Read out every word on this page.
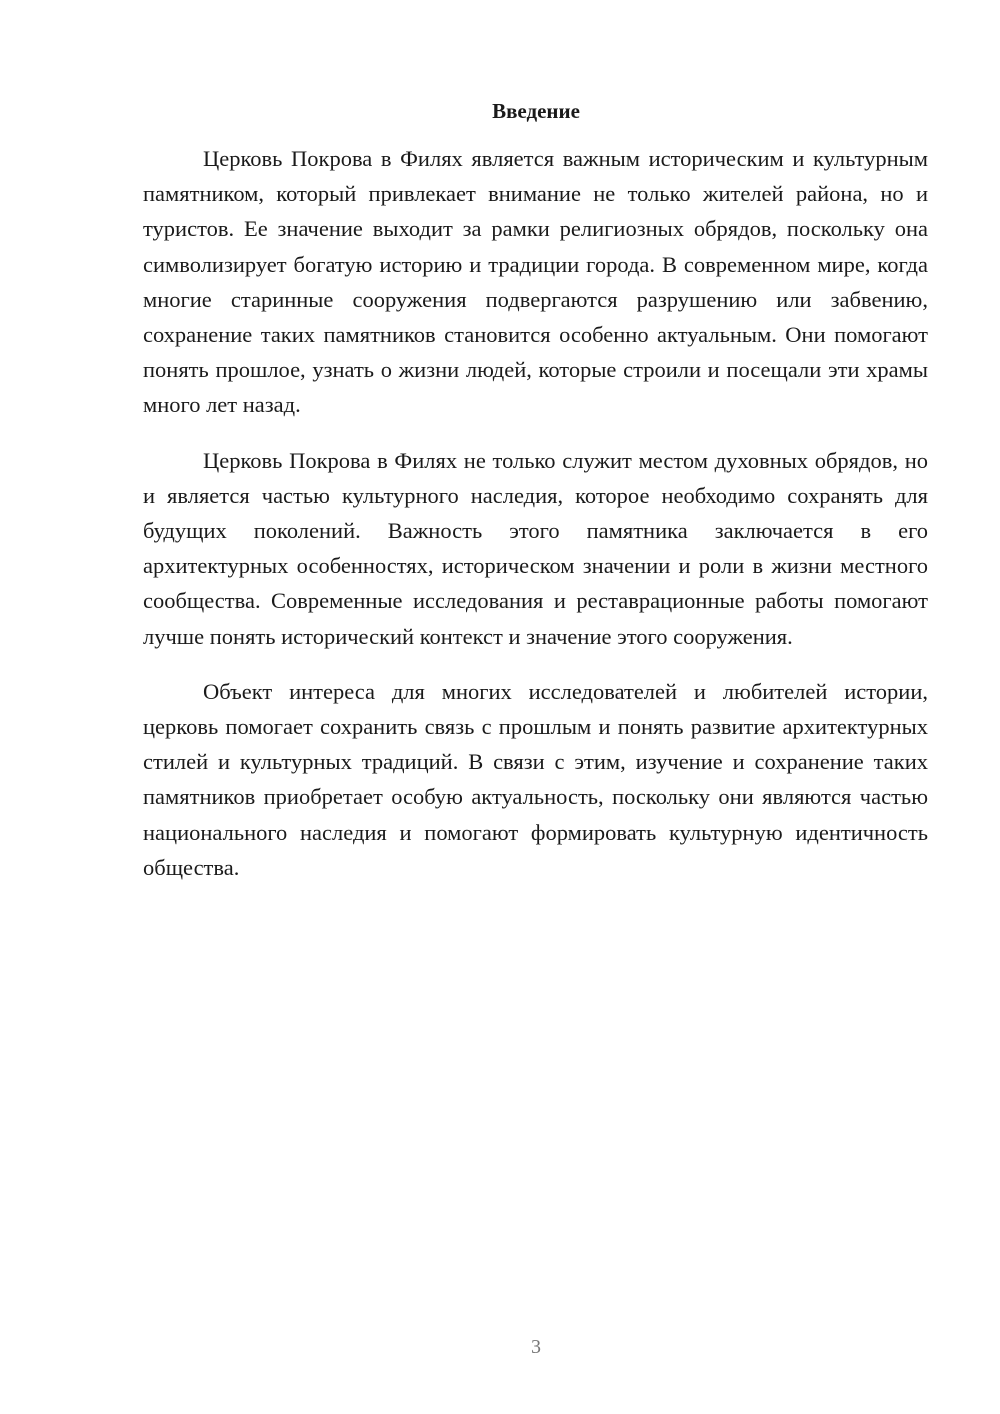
Введение

Церковь Покрова в Филях является важным историческим и культурным памятником, который привлекает внимание не только жителей района, но и туристов. Ее значение выходит за рамки религиозных обрядов, поскольку она символизирует богатую историю и традиции города. В современном мире, когда многие старинные сооружения подвергаются разрушению или забвению, сохранение таких памятников становится особенно актуальным. Они помогают понять прошлое, узнать о жизни людей, которые строили и посещали эти храмы много лет назад.

Церковь Покрова в Филях не только служит местом духовных обрядов, но и является частью культурного наследия, которое необходимо сохранять для будущих поколений. Важность этого памятника заключается в его архитектурных особенностях, историческом значении и роли в жизни местного сообщества. Современные исследования и реставрационные работы помогают лучше понять исторический контекст и значение этого сооружения.

Объект интереса для многих исследователей и любителей истории, церковь помогает сохранить связь с прошлым и понять развитие архитектурных стилей и культурных традиций. В связи с этим, изучение и сохранение таких памятников приобретает особую актуальность, поскольку они являются частью национального наследия и помогают формировать культурную идентичность общества.

3
